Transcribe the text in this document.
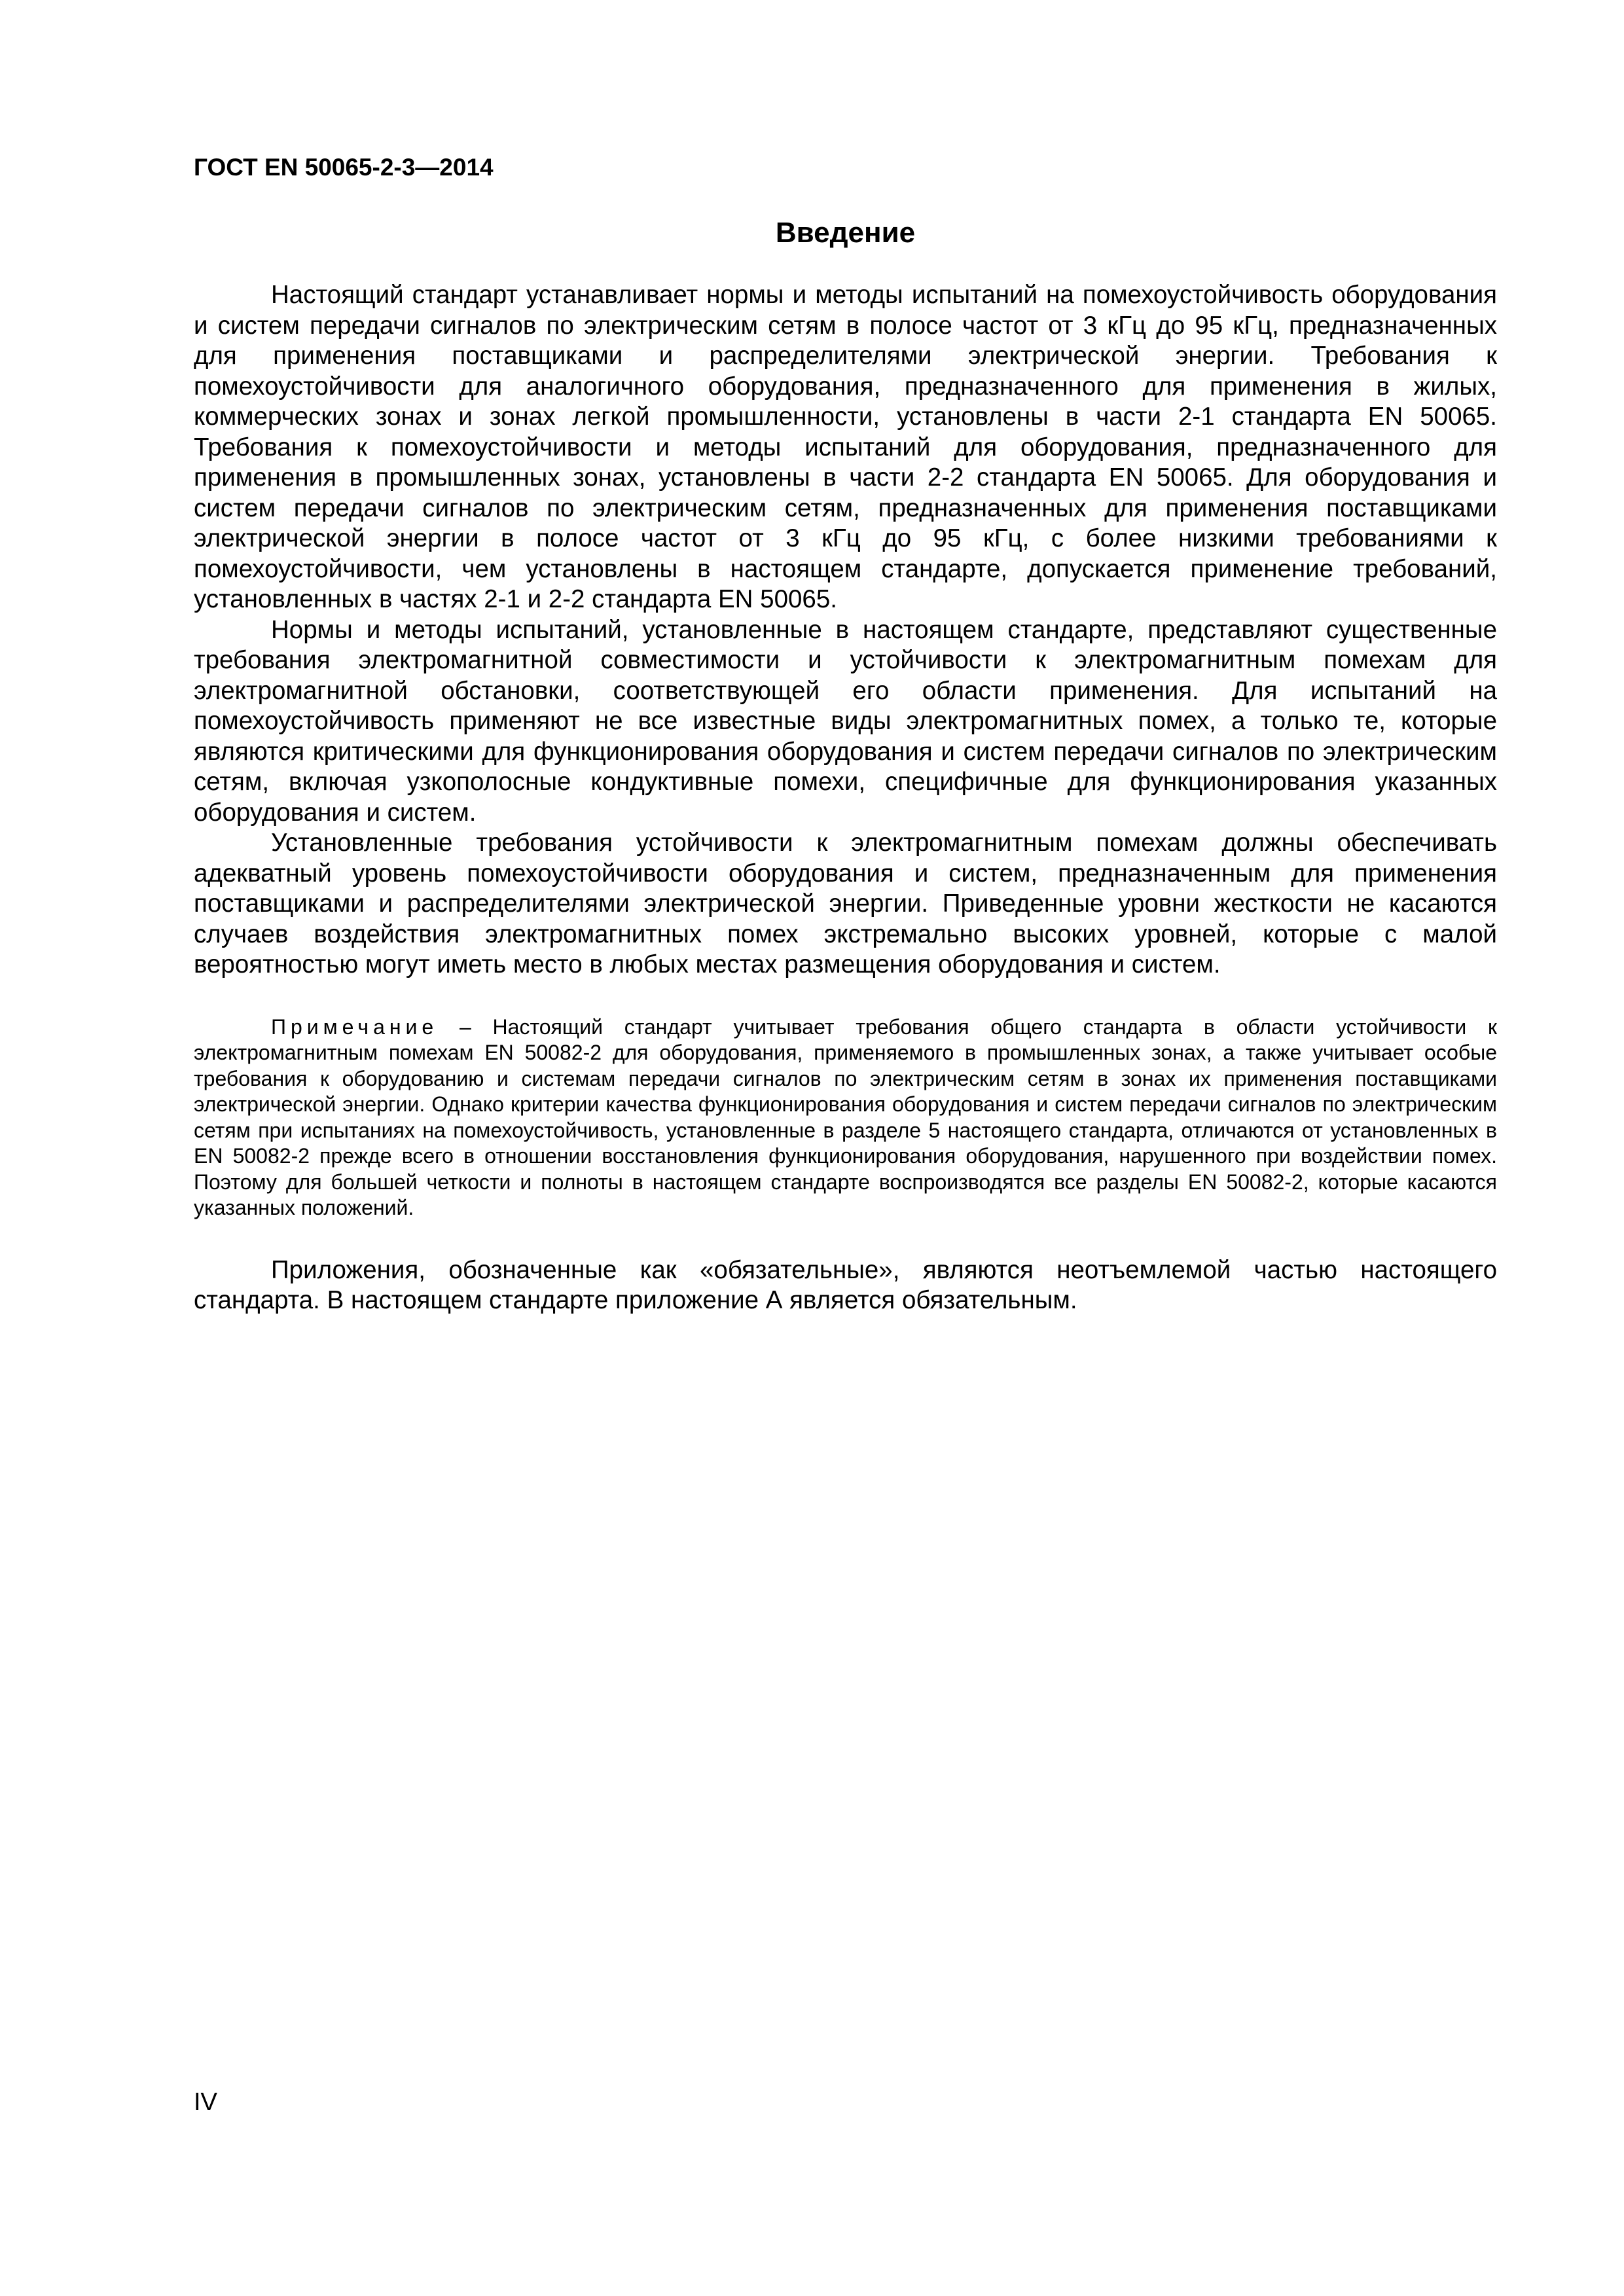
ГОСТ EN 50065-2-3—2014
Введение

Настоящий стандарт устанавливает нормы и методы испытаний на помехоустойчивость оборудования и систем передачи сигналов по электрическим сетям в полосе частот от 3 кГц до 95 кГц, предназначенных для применения поставщиками и распределителями электрической энергии. Требования к помехоустойчивости для аналогичного оборудования, предназначенного для применения в жилых, коммерческих зонах и зонах легкой промышленности, установлены в части 2-1 стандарта EN 50065. Требования к помехоустойчивости и методы испытаний для оборудования, предназначенного для применения в промышленных зонах, установлены в части 2-2 стандарта EN 50065. Для оборудования и систем передачи сигналов по электрическим сетям, предназначенных для применения поставщиками электрической энергии в полосе частот от 3 кГц до 95 кГц, с более низкими требованиями к помехоустойчивости, чем установлены в настоящем стандарте, допускается применение требований, установленных в частях 2-1 и 2-2 стандарта EN 50065.

Нормы и методы испытаний, установленные в настоящем стандарте, представляют существенные требования электромагнитной совместимости и устойчивости к электромагнитным помехам для электромагнитной обстановки, соответствующей его области применения. Для испытаний на помехоустойчивость применяют не все известные виды электромагнитных помех, а только те, которые являются критическими для функционирования оборудования и систем передачи сигналов по электрическим сетям, включая узкополосные кондуктивные помехи, специфичные для функционирования указанных оборудования и систем.

Установленные требования устойчивости к электромагнитным помехам должны обеспечивать адекватный уровень помехоустойчивости оборудования и систем, предназначенным для применения поставщиками и распределителями электрической энергии. Приведенные уровни жесткости не касаются случаев воздействия электромагнитных помех экстремально высоких уровней, которые с малой вероятностью могут иметь место в любых местах размещения оборудования и систем.

Примечание – Настоящий стандарт учитывает требования общего стандарта в области устойчивости к электромагнитным помехам EN 50082-2 для оборудования, применяемого в промышленных зонах, а также учитывает особые требования к оборудованию и системам передачи сигналов по электрическим сетям в зонах их применения поставщиками электрической энергии. Однако критерии качества функционирования оборудования и систем передачи сигналов по электрическим сетям при испытаниях на помехоустойчивость, установленные в разделе 5 настоящего стандарта, отличаются от установленных в EN 50082-2 прежде всего в отношении восстановления функционирования оборудования, нарушенного при воздействии помех. Поэтому для большей четкости и полноты в настоящем стандарте воспроизводятся все разделы EN 50082-2, которые касаются указанных положений.

Приложения, обозначенные как «обязательные», являются неотъемлемой частью настоящего стандарта. В настоящем стандарте приложение А является обязательным.

IV
